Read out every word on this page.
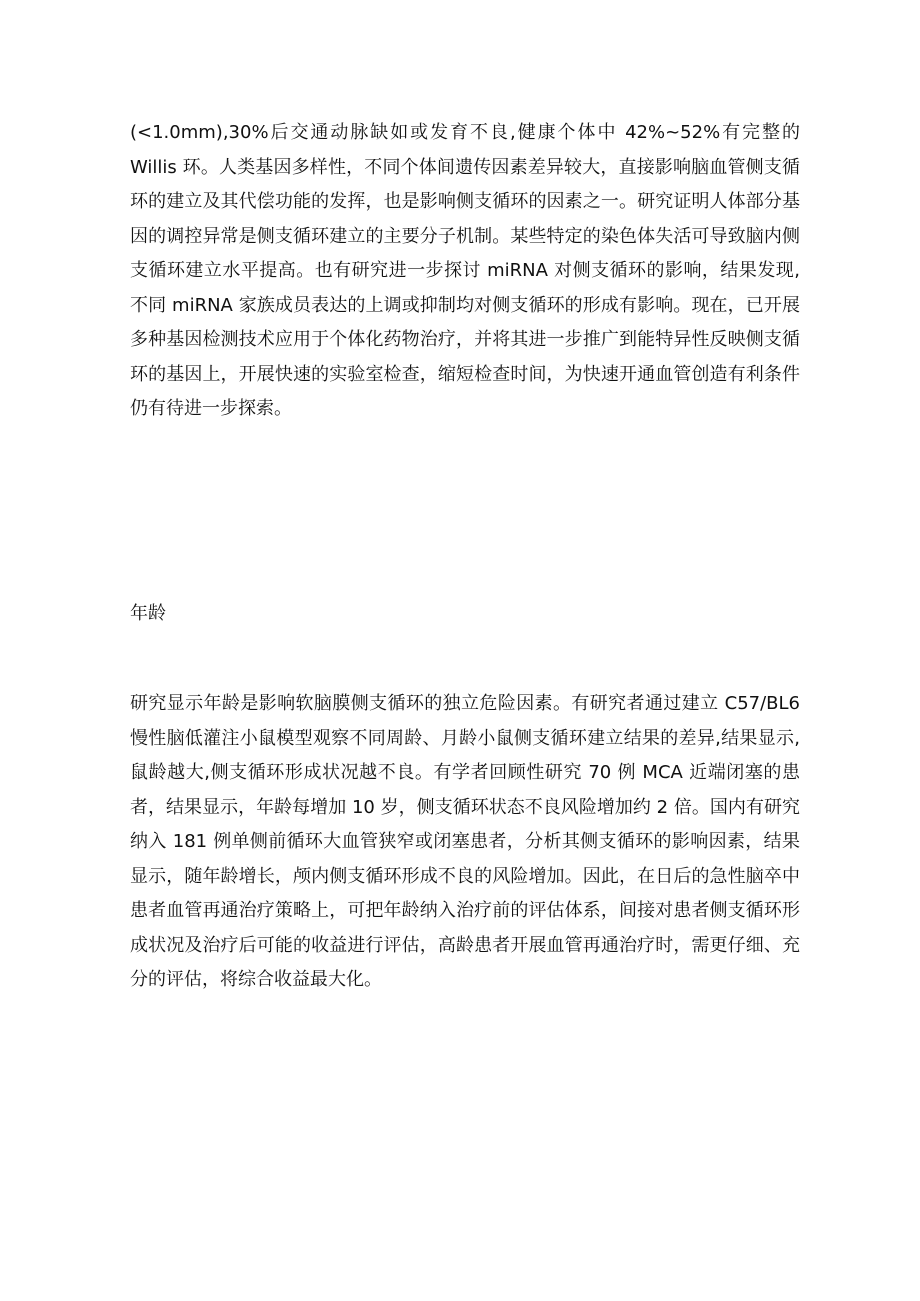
(<1.0mm),30%后交通动脉缺如或发育不良,健康个体中 42%~52%有完整的 Willis 环。人类基因多样性，不同个体间遗传因素差异较大，直接影响脑血管侧支循环的建立及其代偿功能的发挥，也是影响侧支循环的因素之一。研究证明人体部分基因的调控异常是侧支循环建立的主要分子机制。某些特定的染色体失活可导致脑内侧支循环建立水平提高。也有研究进一步探讨 miRNA 对侧支循环的影响，结果发现,不同 miRNA 家族成员表达的上调或抑制均对侧支循环的形成有影响。现在，已开展多种基因检测技术应用于个体化药物治疗，并将其进一步推广到能特异性反映侧支循环的基因上，开展快速的实验室检查，缩短检查时间，为快速开通血管创造有利条件仍有待进一步探索。

年龄

研究显示年龄是影响软脑膜侧支循环的独立危险因素。有研究者通过建立 C57/BL6 慢性脑低灌注小鼠模型观察不同周龄、月龄小鼠侧支循环建立结果的差异,结果显示,鼠龄越大,侧支循环形成状况越不良。有学者回顾性研究 70 例 MCA 近端闭塞的患者，结果显示，年龄每增加 10 岁，侧支循环状态不良风险增加约 2 倍。国内有研究纳入 181 例单侧前循环大血管狭窄或闭塞患者，分析其侧支循环的影响因素，结果显示，随年龄增长，颅内侧支循环形成不良的风险增加。因此，在日后的急性脑卒中患者血管再通治疗策略上，可把年龄纳入治疗前的评估体系，间接对患者侧支循环形成状况及治疗后可能的收益进行评估，高龄患者开展血管再通治疗时，需更仔细、充分的评估，将综合收益最大化。
